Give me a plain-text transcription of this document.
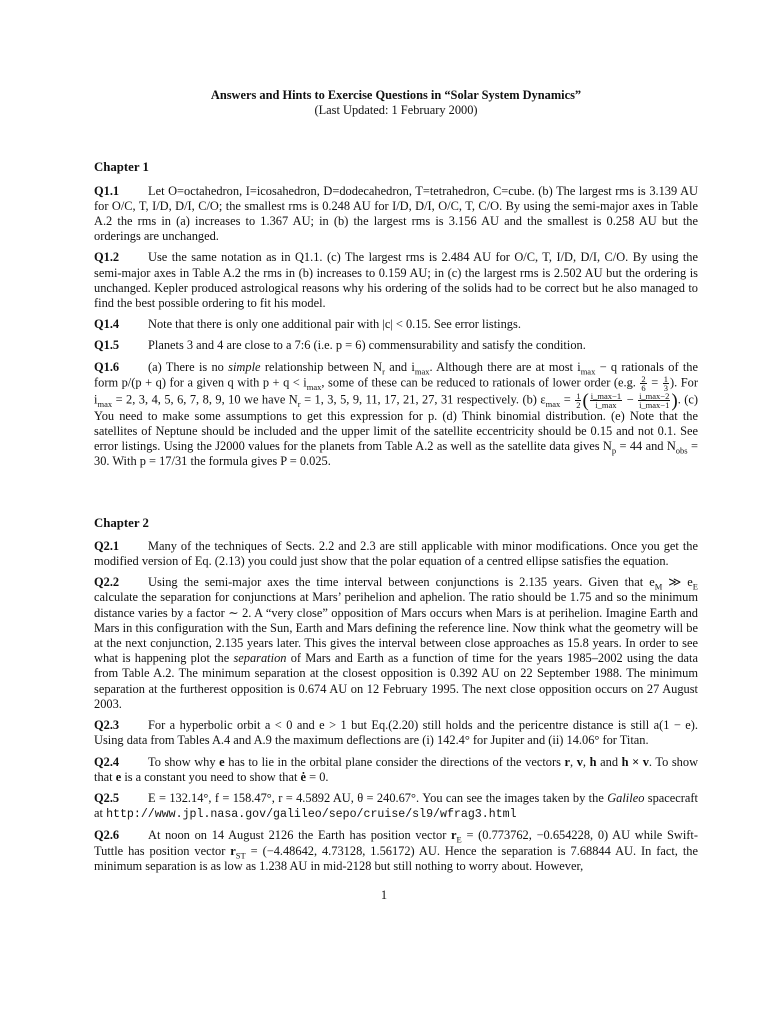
Answers and Hints to Exercise Questions in “Solar System Dynamics”

(Last Updated: 1 February 2000)

Chapter 1

Q1.1 Let O=octahedron, I=icosahedron, D=dodecahedron, T=tetrahedron, C=cube. (b) The largest rms is 3.139 AU for O/C, T, I/D, D/I, C/O; the smallest rms is 0.248 AU for I/D, D/I, O/C, T, C/O. By using the semi-major axes in Table A.2 the rms in (a) increases to 1.367 AU; in (b) the largest rms is 3.156 AU and the smallest is 0.258 AU but the orderings are unchanged.

Q1.2 Use the same notation as in Q1.1. (c) The largest rms is 2.484 AU for O/C, T, I/D, D/I, C/O. By using the semi-major axes in Table A.2 the rms in (b) increases to 0.159 AU; in (c) the largest rms is 2.502 AU but the ordering is unchanged. Kepler produced astrological reasons why his ordering of the solids had to be correct but he also managed to find the best possible ordering to fit his model.

Q1.4 Note that there is only one additional pair with |c| < 0.15. See error listings.

Q1.5 Planets 3 and 4 are close to a 7:6 (i.e. p = 6) commensurability and satisfy the condition.

Q1.6 (a) There is no simple relationship between $N_r$ and $i_{max}$. Although there are at most $i_{max} - q$ rationals of the form p/(p + q) for a given q with $p + q < i_{max}$, some of these can be reduced to rationals of lower order (e.g. $\frac{2}{6} = \frac{1}{3}$ ). For $i_{max} = 2$, 3, 4, 5, 6, 7, 8, 9, 10 we have $N_r = 1$, 3, 5, 9, 11, 17, 21, 27, 31 respectively. (b) $\varepsilon_{max} = \frac{1}{2}$ ( $\frac{i\_\max-1}{i\_\max} - \frac{i\_\max-2}{i\_\max-1}$ ). (c) You need to make some assumptions to get this expression for p. (d) Think binomial distribution. (e) Note that the satellites of Neptune should be included and the upper limit of the satellite eccentricity should be 0.15 and not 0.1. See error listings. Using the J2000 values for the planets from Table A.2 as well as the satellite data gives $N_p = 44$ and $N_{obs} = 30$. With p = 17/31 the formula gives P = 0.025.

Chapter 2

Q2.1 Many of the techniques of Sects. 2.2 and 2.3 are still applicable with minor modifications. Once you get the modified version of Eq. (2.13) you could just show that the polar equation of a centred ellipse satisfies the equation.

Q2.2 Using the semi-major axes the time interval between conjunctions is 2.135 years. Given that $e_M$ ≫ $e_E$ calculate the separation for conjunctions at Mars’ perihelion and aphelion. The ratio should be 1.75 and so the minimum distance varies by a factor ∼ 2. A “very close” opposition of Mars occurs when Mars is at perihelion. Imagine Earth and Mars in this configuration with the Sun, Earth and Mars defining the reference line. Now think what the geometry will be at the next conjunction, 2.135 years later. This gives the interval between close approaches as 15.8 years. In order to see what is happening plot the separation of Mars and Earth as a function of time for the years 1985–2002 using the data from Table A.2. The minimum separation at the closest opposition is 0.392 AU on 22 September 1988. The minimum separation at the furtherest opposition is 0.674 AU on 12 February 1995. The next close opposition occurs on 27 August 2003.

Q2.3 For a hyperbolic orbit a < 0 and e > 1 but Eq.(2.20) still holds and the pericentre distance is still a(1 − e). Using data from Tables A.4 and A.9 the maximum deflections are (i) 142.4° for Jupiter and (ii) 14.06° for Titan.

Q2.4 To show why e has to lie in the orbital plane consider the directions of the vectors r, v, h and h × v. To show that e is a constant you need to show that ė = 0.

Q2.5 E = 132.14°, f = 158.47°, r = 4.5892 AU, θ = 240.67°. You can see the images taken by the Galileo spacecraft at http://www.jpl.nasa.gov/galileo/sepo/cruise/sl9/wfrag3.html

Q2.6 At noon on 14 August 2126 the Earth has position vector $r_E = (0.773762$, −0.654228, 0) AU while Swift-Tuttle has position vector $r_{ST} = (-4.48642$, 4.73128, 1.56172) AU. Hence the separation is 7.68844 AU. In fact, the minimum separation is as low as 1.238 AU in mid-2128 but still nothing to worry about. However,

1
